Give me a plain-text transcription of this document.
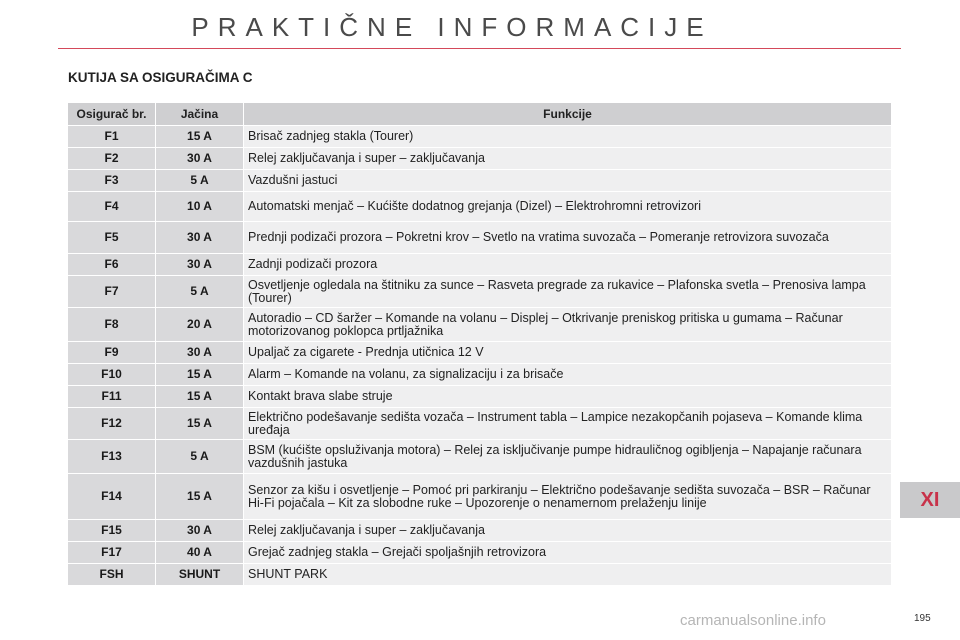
PRAKTIČNE INFORMACIJE
KUTIJA SA OSIGURAČIMA C
Osigurač br.	Jačina	Funkcije
F1	15 A	Brisač zadnjeg stakla (Tourer)
F2	30 A	Relej zaključavanja i super – zaključavanja
F3	5 A	Vazdušni jastuci
F4	10 A	Automatski menjač – Kućište dodatnog grejanja (Dizel) – Elektrohromni retrovizori
F5	30 A	Prednji podizači prozora – Pokretni krov – Svetlo na vratima suvozača – Pomeranje retrovizora suvozača
F6	30 A	Zadnji podizači prozora
F7	5 A	Osvetljenje ogledala na štitniku za sunce – Rasveta pregrade za rukavice – Plafonska svetla – Prenosiva lampa (Tourer)
F8	20 A	Autoradio – CD šaržer – Komande na volanu – Displej – Otkrivanje preniskog pritiska u gumama – Računar motorizovanog poklopca prtljažnika
F9	30 A	Upaljač za cigarete - Prednja utičnica 12 V
F10	15 A	Alarm – Komande na volanu, za signalizaciju i za brisače
F11	15 A	Kontakt brava slabe struje
F12	15 A	Električno podešavanje sedišta vozača – Instrument tabla – Lampice nezakopčanih pojaseva – Komande klima uređaja
F13	5 A	BSM (kućište opsluživanja motora) – Relej za isključivanje pumpe hidrauličnog ogibljenja – Napajanje računara vazdušnih jastuka
F14	15 A	Senzor za kišu i osvetljenje – Pomoć pri parkiranju – Električno podešavanje sedišta suvozača – BSR – Računar Hi-Fi pojačala – Kit za slobodne ruke – Upozorenje o nenamernom prelaženju linije
F15	30 A	Relej zaključavanja i super – zaključavanja
F17	40 A	Grejač zadnjeg stakla – Grejači spoljašnjih retrovizora
FSH	SHUNT	SHUNT PARK
XI
195
carmanualsonline.info
